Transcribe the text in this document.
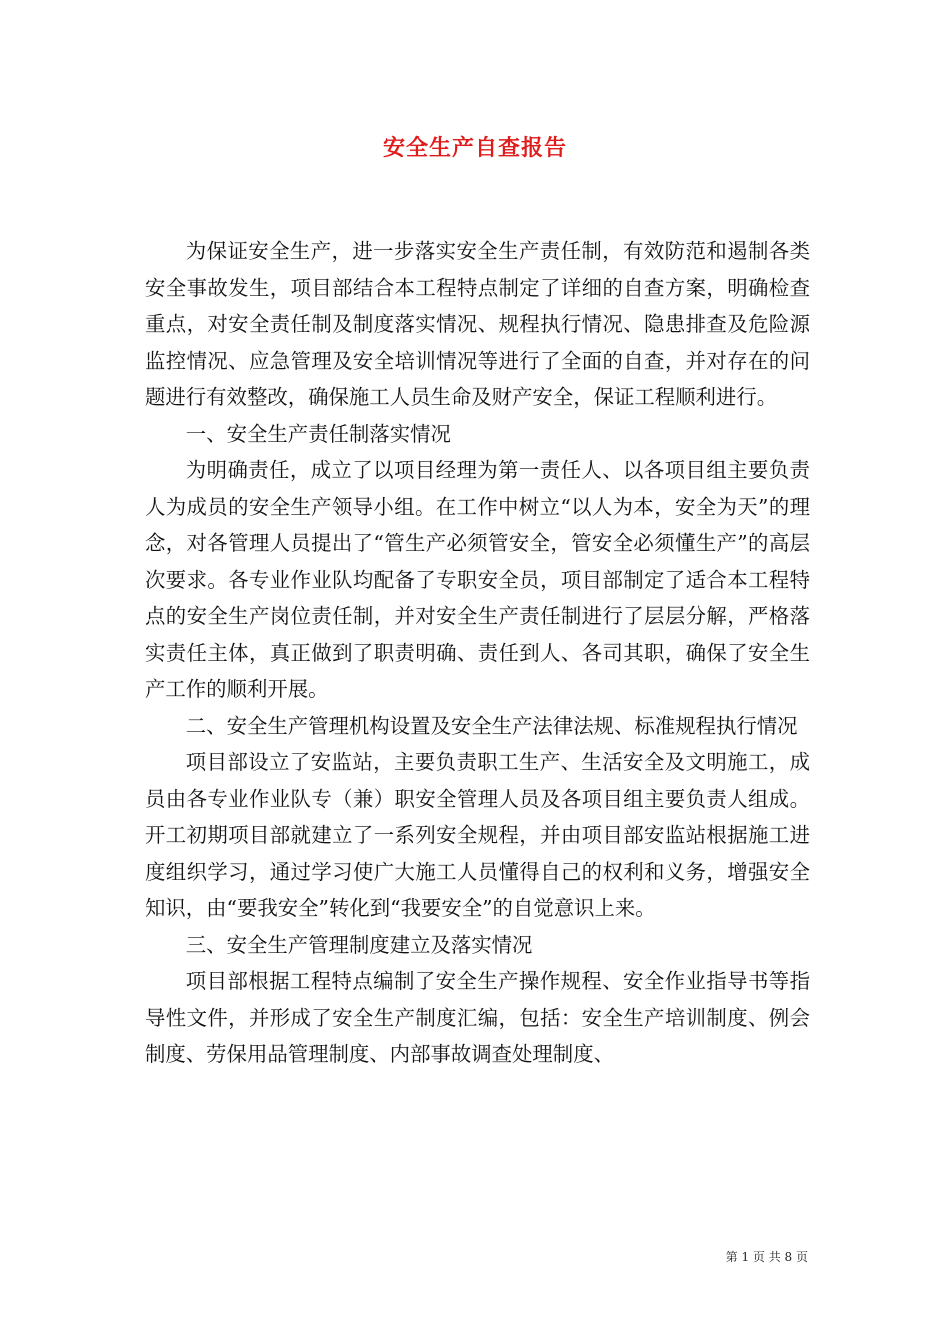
安全生产自查报告

为保证安全生产，进一步落实安全生产责任制，有效防范和遏制各类安全事故发生，项目部结合本工程特点制定了详细的自查方案，明确检查重点，对安全责任制及制度落实情况、规程执行情况、隐患排查及危险源监控情况、应急管理及安全培训情况等进行了全面的自查，并对存在的问题进行有效整改，确保施工人员生命及财产安全，保证工程顺利进行。

一、安全生产责任制落实情况

为明确责任，成立了以项目经理为第一责任人、以各项目组主要负责人为成员的安全生产领导小组。在工作中树立“以人为本，安全为天”的理念，对各管理人员提出了“管生产必须管安全，管安全必须懂生产”的高层次要求。各专业作业队均配备了专职安全员，项目部制定了适合本工程特点的安全生产岗位责任制，并对安全生产责任制进行了层层分解，严格落实责任主体，真正做到了职责明确、责任到人、各司其职，确保了安全生产工作的顺利开展。

二、安全生产管理机构设置及安全生产法律法规、标准规程执行情况

项目部设立了安监站，主要负责职工生产、生活安全及文明施工，成员由各专业作业队专（兼）职安全管理人员及各项目组主要负责人组成。开工初期项目部就建立了一系列安全规程，并由项目部安监站根据施工进度组织学习，通过学习使广大施工人员懂得自己的权利和义务，增强安全知识，由“要我安全”转化到“我要安全”的自觉意识上来。

三、安全生产管理制度建立及落实情况

项目部根据工程特点编制了安全生产操作规程、安全作业指导书等指导性文件，并形成了安全生产制度汇编，包括：安全生产培训制度、例会制度、劳保用品管理制度、内部事故调查处理制度、

第 1 页 共 8 页
